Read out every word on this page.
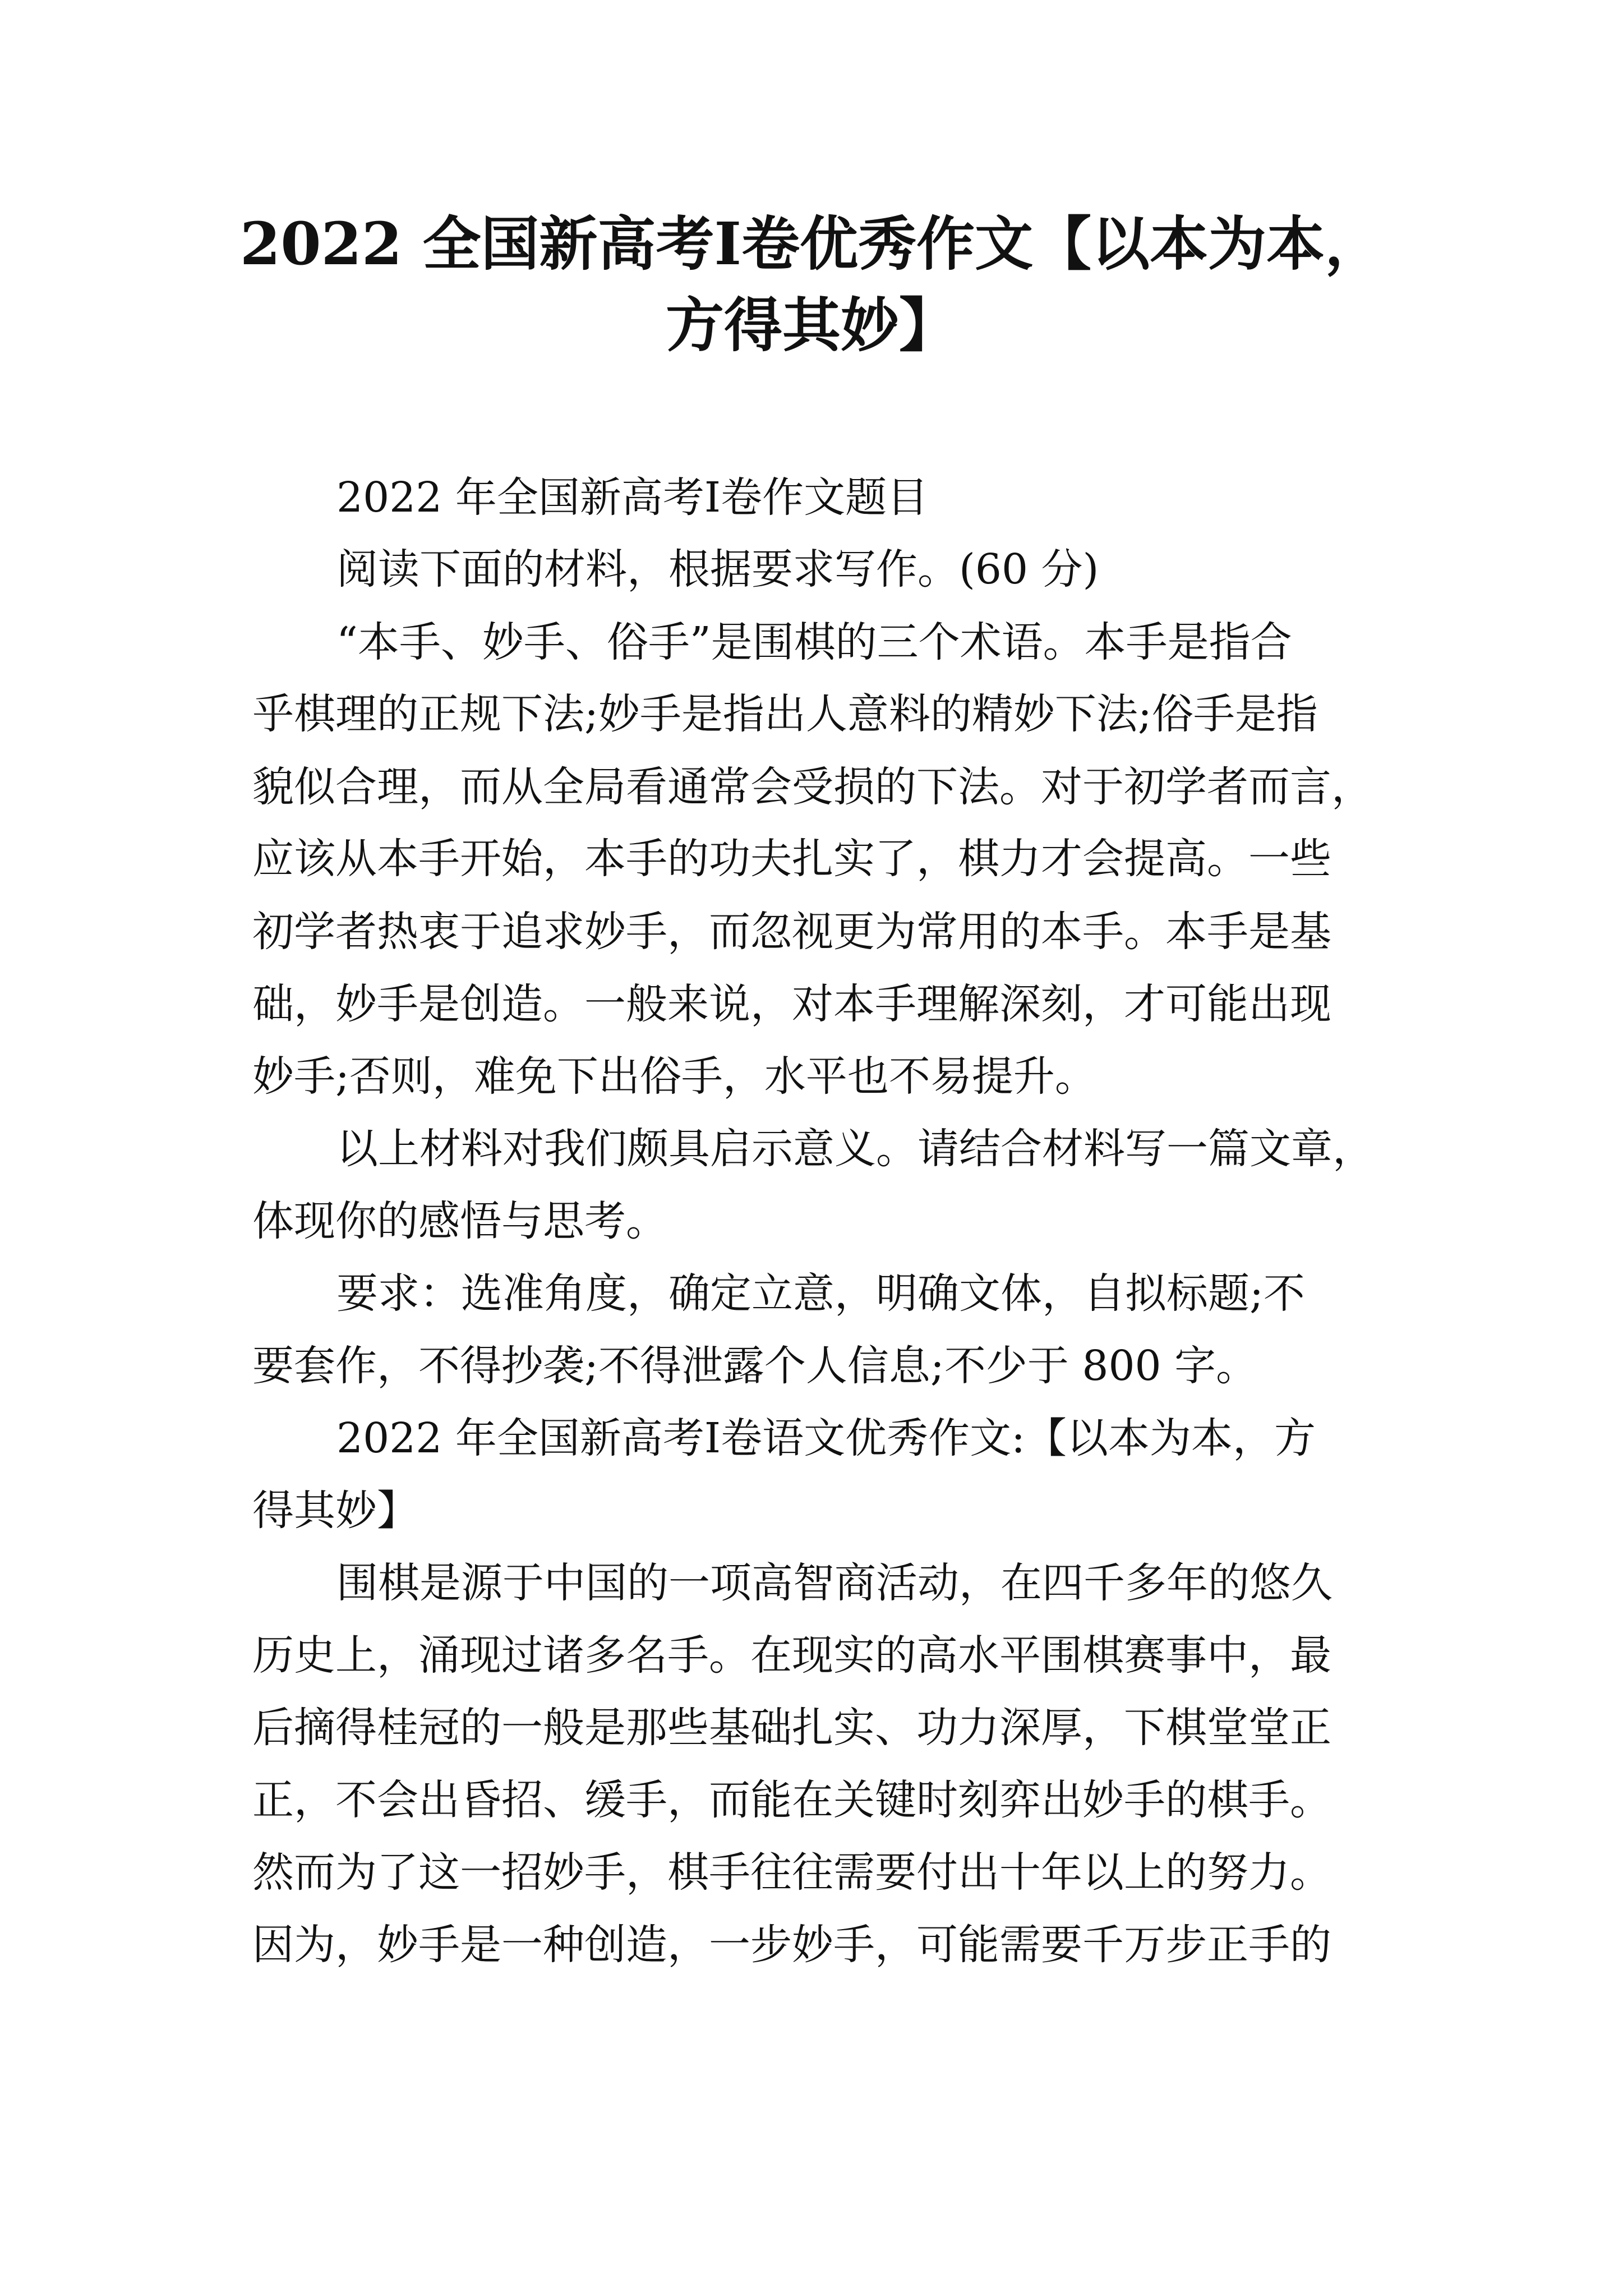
2022 全国新高考Ⅰ卷优秀作文【以本为本，
方得其妙】
2022 年全国新高考Ⅰ卷作文题目
阅读下面的材料，根据要求写作。(60 分)
“本手、妙手、俗手”是围棋的三个术语。本手是指合
乎棋理的正规下法;妙手是指出人意料的精妙下法;俗手是指
貌似合理，而从全局看通常会受损的下法。对于初学者而言，
应该从本手开始，本手的功夫扎实了，棋力才会提高。一些
初学者热衷于追求妙手，而忽视更为常用的本手。本手是基
础，妙手是创造。一般来说，对本手理解深刻，才可能出现
妙手;否则，难免下出俗手，水平也不易提升。
以上材料对我们颇具启示意义。请结合材料写一篇文章，
体现你的感悟与思考。
要求：选准角度，确定立意，明确文体，自拟标题;不
要套作，不得抄袭;不得泄露个人信息;不少于 800 字。
2022 年全国新高考Ⅰ卷语文优秀作文:【以本为本，方
得其妙】
围棋是源于中国的一项高智商活动，在四千多年的悠久
历史上，涌现过诸多名手。在现实的高水平围棋赛事中，最
后摘得桂冠的一般是那些基础扎实、功力深厚，下棋堂堂正
正，不会出昏招、缓手，而能在关键时刻弈出妙手的棋手。
然而为了这一招妙手，棋手往往需要付出十年以上的努力。
因为，妙手是一种创造，一步妙手，可能需要千万步正手的
